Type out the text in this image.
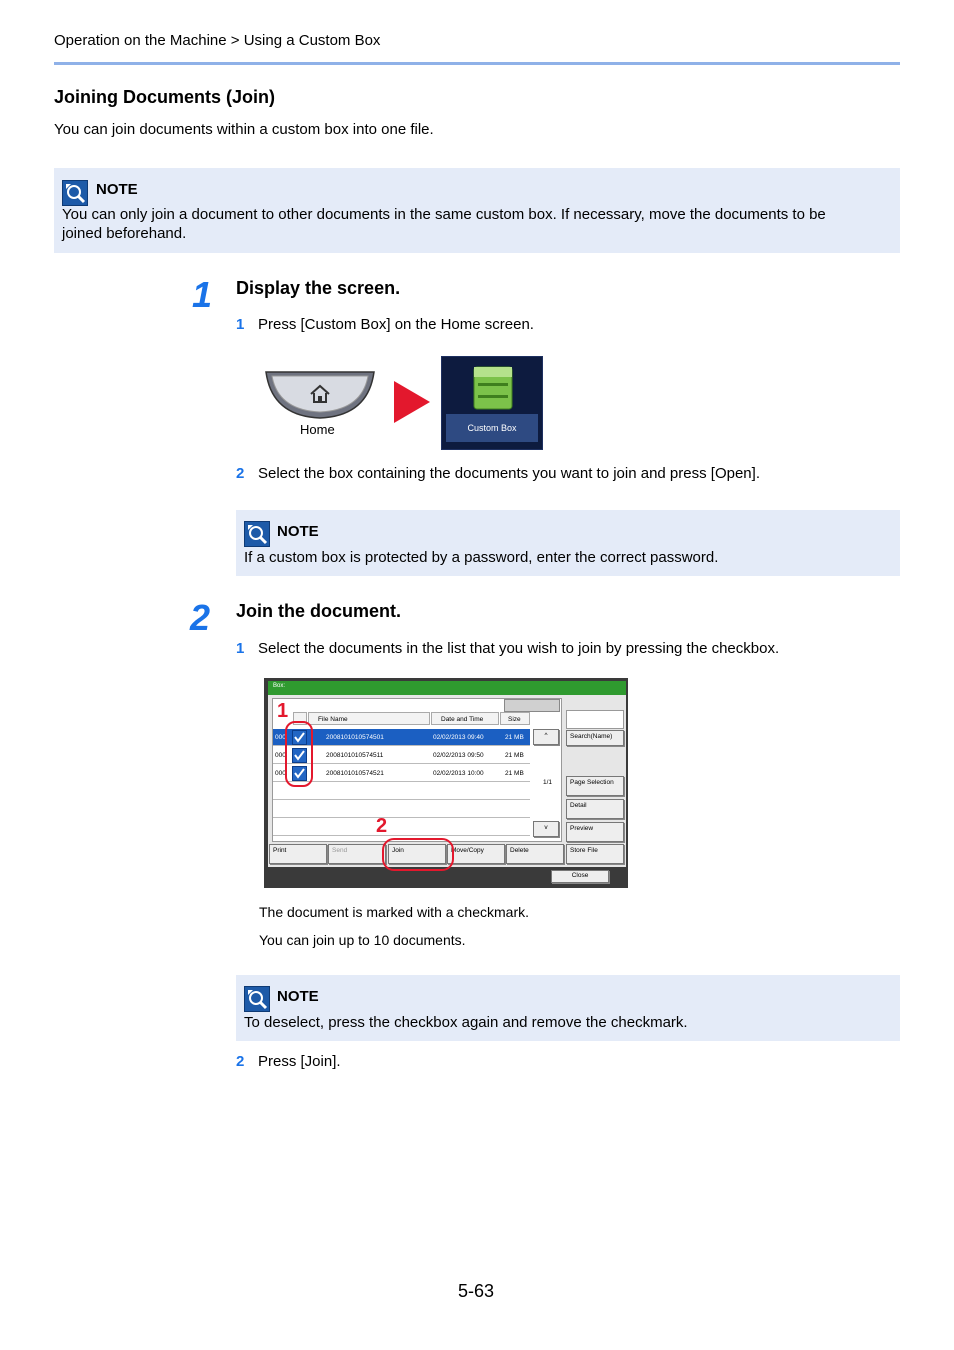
Operation on the Machine > Using a Custom Box
Joining Documents (Join)
You can join documents within a custom box into one file.
NOTE
You can only join a document to other documents in the same custom box. If necessary, move the documents to be
joined beforehand.
1 Display the screen.
1 Press [Custom Box] on the Home screen.
Home	Custom Box
2 Select the box containing the documents you want to join and press [Open].
NOTE
If a custom box is protected by a password, enter the correct password.
2 Join the document.
1 Select the documents in the list that you wish to join by pressing the checkbox.
Box:
File Name	Date and Time	Size
000	2008101010574501	02/02/2013 09:40	21 MB
000	2008101010574511	02/02/2013 09:50	21 MB
000	2008101010574521	02/02/2013 10:00	21 MB
1
^
1/1
v
Search(Name)
Page Selection
Detail
Preview
Print	Send	Join	Move/Copy	Delete	Store File
2
Close
The document is marked with a checkmark.
You can join up to 10 documents.
NOTE
To deselect, press the checkbox again and remove the checkmark.
2 Press [Join].
5-63
